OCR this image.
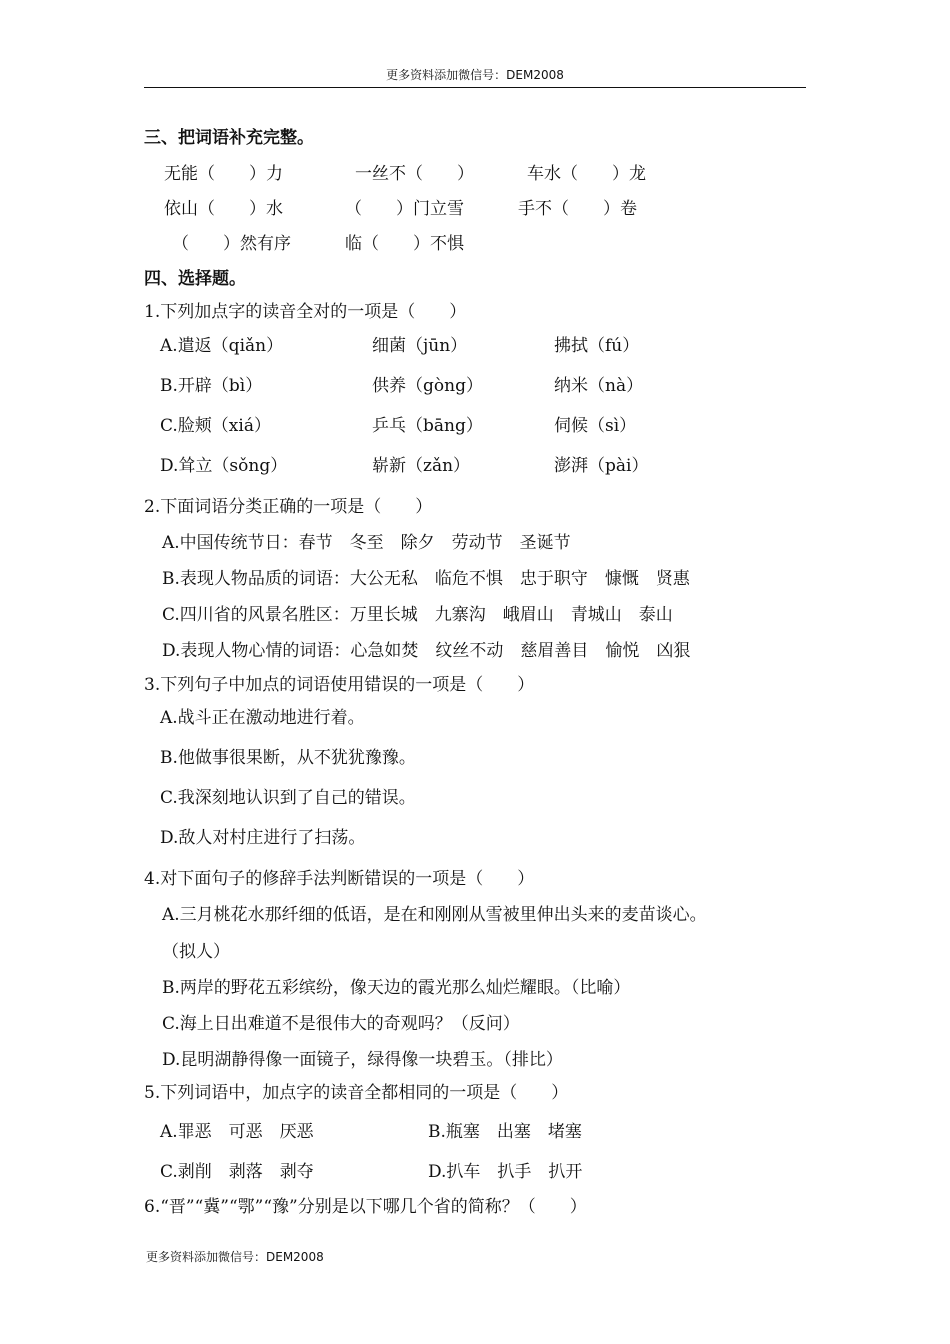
更多资料添加微信号：DEM2008
三、把词语补充完整。
无能（　　）力	一丝不（　　）	车水（　　）龙
依山（　　）水	（　　）门立雪	手不（　　）卷
（　　）然有序	临（　　）不惧
四、选择题。
1.下列加点字的读音全对的一项是（　　）
A.遣返（qiǎn）	细菌（jūn）	拂拭（fú）
B.开辟（bì）	供养（gòng）	纳米（nà）
C.脸颊（xiá）	乒乓（bāng）	伺候（sì）
D.耸立（sǒng）	崭新（zǎn）	澎湃（pài）
2.下面词语分类正确的一项是（　　）
A.中国传统节日：春节　冬至　除夕　劳动节　圣诞节
B.表现人物品质的词语：大公无私　临危不惧　忠于职守　慷慨　贤惠
C.四川省的风景名胜区：万里长城　九寨沟　峨眉山　青城山　泰山
D.表现人物心情的词语：心急如焚　纹丝不动　慈眉善目　愉悦　凶狠
3.下列句子中加点的词语使用错误的一项是（　　）
A.战斗正在激动地进行着。
B.他做事很果断，从不犹犹豫豫。
C.我深刻地认识到了自己的错误。
D.敌人对村庄进行了扫荡。
4.对下面句子的修辞手法判断错误的一项是（　　）
A.三月桃花水那纤细的低语，是在和刚刚从雪被里伸出头来的麦苗谈心。
（拟人）
B.两岸的野花五彩缤纷，像天边的霞光那么灿烂耀眼。（比喻）
C.海上日出难道不是很伟大的奇观吗？（反问）
D.昆明湖静得像一面镜子，绿得像一块碧玉。（排比）
5.下列词语中，加点字的读音全都相同的一项是（　　）
A.罪恶　可恶　厌恶	B.瓶塞　出塞　堵塞
C.剥削　剥落　剥夺	D.扒车　扒手　扒开
6.“晋”“冀”“鄂”“豫”分别是以下哪几个省的简称？（　　）
更多资料添加微信号：DEM2008
